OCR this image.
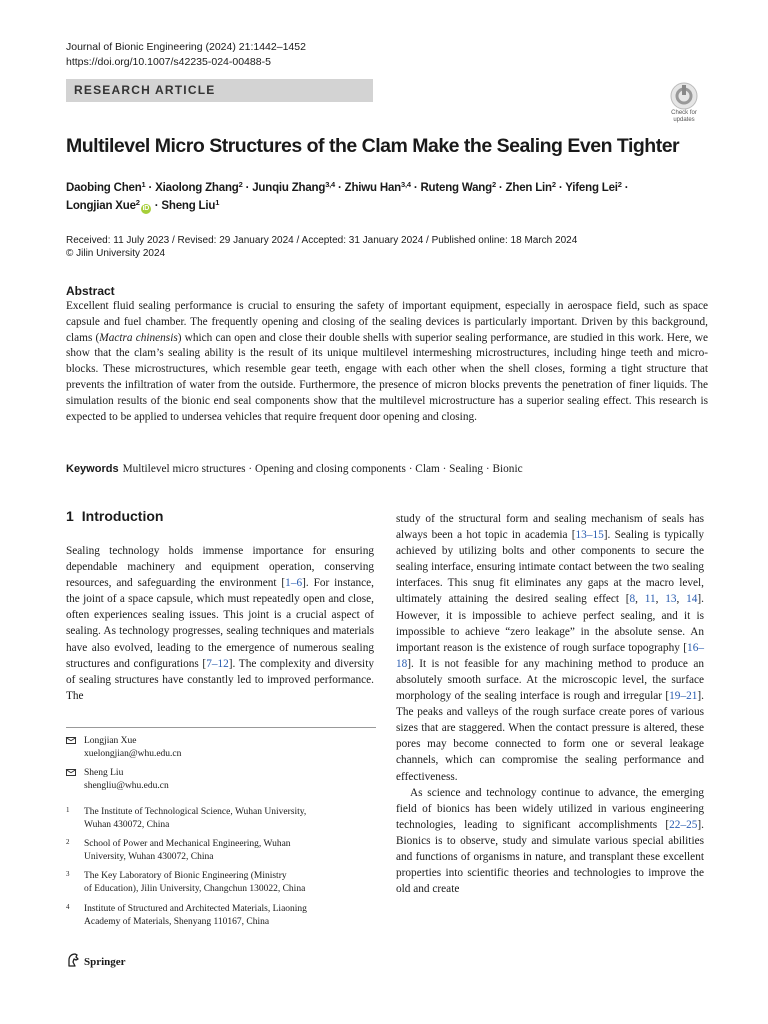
Journal of Bionic Engineering (2024) 21:1442–1452
https://doi.org/10.1007/s42235-024-00488-5
RESEARCH ARTICLE
Check for
updates
Multilevel Micro Structures of the Clam Make the Sealing Even Tighter
Daobing Chen$^1$ · Xiaolong Zhang$^2$ · Junqiu Zhang$^{3,4}$ · Zhiwu Han$^{3,4}$ · Ruteng Wang$^2$ · Zhen Lin$^2$ · Yifeng Lei$^2$ ·
Longjian Xue$^2$iD · Sheng Liu$^1$
Received: 11 July 2023 / Revised: 29 January 2024 / Accepted: 31 January 2024 / Published online: 18 March 2024
© Jilin University 2024
Abstract
Excellent fluid sealing performance is crucial to ensuring the safety of important equipment, especially in aerospace field, such as space capsule and fuel chamber. The frequently opening and closing of the sealing devices is particularly important. Driven by this background, clams (Mactra chinensis) which can open and close their double shells with superior sealing performance, are studied in this work. Here, we show that the clam’s sealing ability is the result of its unique multilevel intermeshing microstructures, including hinge teeth and micro-blocks. These microstructures, which resemble gear teeth, engage with each other when the shell closes, forming a tight structure that prevents the infiltration of water from the outside. Furthermore, the presence of micron blocks prevents the penetration of finer liquids. The simulation results of the bionic end seal components show that the multilevel microstructure has a superior sealing effect. This research is expected to be applied to undersea vehicles that require frequent door opening and closing.
Keywords Multilevel micro structures · Opening and closing components · Clam · Sealing · Bionic
1 Introduction

Sealing technology holds immense importance for ensuring dependable machinery and equipment operation, conserving resources, and safeguarding the environment [1–6]. For instance, the joint of a space capsule, which must repeatedly open and close, often experiences sealing issues. This joint is a crucial aspect of sealing. As technology progresses, sealing techniques and materials have also evolved, leading to the emergence of numerous sealing structures and configurations [7–12]. The complexity and diversity of sealing structures have constantly led to improved performance. The

study of the structural form and sealing mechanism of seals has always been a hot topic in academia [13–15]. Sealing is typically achieved by utilizing bolts and other components to secure the sealing interface, ensuring intimate contact between the two sealing interfaces. This snug fit eliminates any gaps at the macro level, ultimately attaining the desired sealing effect [8, 11, 13, 14]. However, it is impossible to achieve perfect sealing, and it is impossible to achieve “zero leakage” in the absolute sense. An important reason is the existence of rough surface topography [16–18]. It is not feasible for any machining method to produce an absolutely smooth surface. At the microscopic level, the surface morphology of the sealing interface is rough and irregular [19–21]. The peaks and valleys of the rough surface create pores of various sizes that are staggered. When the contact pressure is altered, these pores may become connected to form one or several leakage channels, which can compromise the sealing performance and effectiveness.

As science and technology continue to advance, the emerging field of bionics has been widely utilized in various engineering technologies, leading to significant accomplishments [22–25]. Bionics is to observe, study and simulate various special abilities and functions of organisms in nature, and transplant these excellent properties into scientific theories and technologies to improve the old and create

Longjian Xue
xuelongjian@whu.edu.cn
Sheng Liu
shengliu@whu.edu.cn
1 The Institute of Technological Science, Wuhan University,
Wuhan 430072, China
2 School of Power and Mechanical Engineering, Wuhan
University, Wuhan 430072, China
3 The Key Laboratory of Bionic Engineering (Ministry
of Education), Jilin University, Changchun 130022, China
4 Institute of Structured and Architected Materials, Liaoning
Academy of Materials, Shenyang 110167, China
Springer
